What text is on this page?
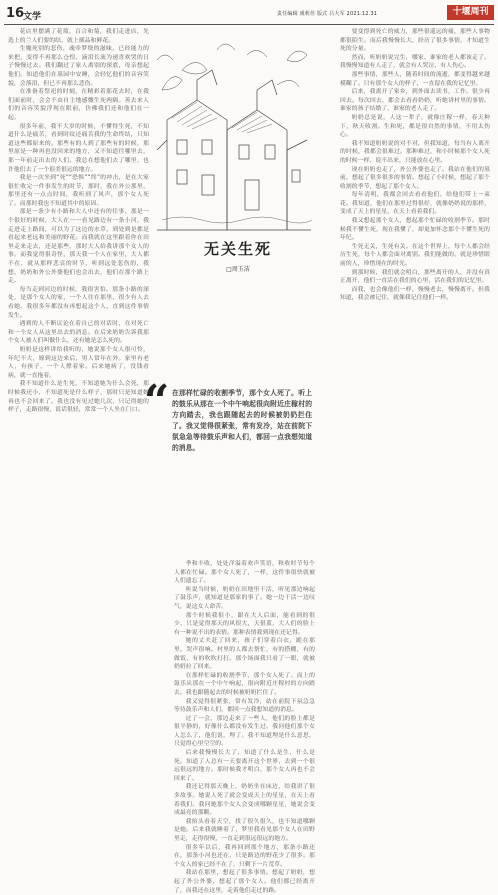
16
文学	责任编辑 虞莉佳 版式 吕大军 2021.12.31	十堰周刊

花店里摆满了花篮，百合和菊，我们走进店，先选上的兰人们要的结，就上插品和鲜花。

生魔死别的悲伤，魂牵梦绕的滋味，已经能力的来把，变得不再那么仓惶，滴泪长流为递喜欢哭的日子慢慢过去。我们翻过了家人离别的深底，母亲想起他们。知道他们在墓园中安睡，会轻忆他们的音容笑貌，会落泪，但已不再那么悲伤。

在准备着祭祀的时刻，在精彩着那花去时，在我们面前时，会会不由自主地感慨生死两隔。善去来人们的音容笑貌浮现在眼前，仿佛我们还和他们在一起。

很多年前，我不大岁的时候，不懂得生死，不知道什么是痛苦，看到时纹还痛苦我的生命终结，只知道这些都原来的。那些有的人到了那些有的时候，那里原是一种再也没回来的地方，又不知道往哪里去，那一年前走出去的人们，我总在想他们去了哪里，也许他们去了一个很美很远的地方。

我是一次坐到“死”“恐惧”“终”的冲击，是在大家很忙收完一件事发生的时节，那时，我在外公那里，那里还有一点点时间，我听到了风声，那个女人死了。而那时我也不知道其中的原因。

那是一条少有小路和大人中还有的往事、那是一个很好的时候，大人在一一看见路边有一条小河，我走进走上路间，可以为了这边的水草，到处到是都是看起来老远和美丽的野花。而我就在这里跟着你在田里走来走去，还是那些，那时大人给我讲那个女人的事。而我觉得很奇怪，那天我一个人在家里，大人都不在，就从那样悲哀的时节，听到远处悲伤的，我想，奶奶和外公外婆他们也会出去，他们在那个路上走。

每当走到河边的时候，我很害怕。那条小路的深处，是那个女人的家，一个人住在那里，很少有人去看她。我很多年都没有再想起这个人，直到这件事情发生。

遇到的人不断议论在着自己的对话时，在对死亡和一个女人从这里出去的消息。在后来奶奶告诉我那个女人被人们叫做什么，还有她是怎么死的。

奶奶是这样讲给我听的，她说那个女人很可怜，年纪不大，嫁到这边来后，男人常年在外。家里有老人，有孩子，一个人撑着家。后来她病了，没钱看病，就一直拖着。

我不知道什么是生死，不知道她为什么会死，那时候我还小，不知道死是什么样子，那时只是知道她再也不会回来了。我也没有见过她几次，只记得她的样子，走路很慢，说话很轻，常常一个人坐在门口。

无关生死
□周玉洁
“ 在那样忙碌的收割季节，那个女人死了。听上的鼓乐从那在一个中午响起很向附近庄稼村的方向踏去，我也跟随起去的时候被奶奶拦住了。我又觉得很紧张，常有发冷，站在前院下氛急急等待鼓乐声和人们，都回一点我想知道的消息。

季和丰收，处处洋溢着欢声笑语，秋收时节每个人都在忙碌。那个女人死了，一样，这件事很快就被人们遗忘了。

听说当时候，奶奶在田地里干活，听见那边响起了鼓乐声，就知道是那家的事了。她一边干活一边叹气，说这女人命苦。

那个时候我很小，跟在大人后面，能看到的很少，只是觉得那天的风很大，天很蓝，大人们的脸上有一种说不出的表情。那种表情我到现在还记得。

她的丈夫赶了回来，孩子们穿着白衣，跪在那里，哭声很响。村里的人都去帮忙，有的搭棚，有的做饭，有的吹吹打打。那个场面我只看了一眼，就被奶奶拉了回来。

在那样忙碌的收割季节，那个女人死了。而上的鼓乐从那在一个中午响起，很向附近庄稼村的方向踏去。我也跟随起去的时候被奶奶拦住了。

我又觉得很紧张，常有发冷，站在前院下氛急急等待鼓乐声和人们，都回一点我想知道的消息。

过了一会，那边走来了一些人，他们的脸上都是很平静的，好像什么都没有发生过。我问他们那个女人怎么了，他们说，埋了。我不知道埋是什么意思，只觉得心里空空的。

后来我慢慢长大了，知道了什么是生，什么是死。知道了人总有一天要离开这个世界，去到一个很远很远的地方。那时候我才明白，那个女人再也不会回来了。

我还记得那天晚上，奶奶坐在床边，给我讲了很多故事。她说人死了就会变成天上的星星，在天上看着我们。我问她那个女人会变成哪颗星星，她说会变成最亮的那颗。

我抬头看着天空，找了很久很久，也不知道哪颗是她。后来我就睡着了，梦里我看见那个女人在田野里走，走得很慢，一直走到很远很远的地方。

很多年以后，我再回到那个地方，那条小路还在，那条小河也还在，只是路边的野花少了很多。那个女人的家已经不在了，只剩下一片荒草。

我站在那里，想起了很多事情。想起了奶奶，想起了外公外婆，想起了那个女人。他们都已经离开了，而我还在这里，走着他们走过的路。

要变得到死亡的威力，那些很遥远的痛，那些人事物都很陌生。而后我慢慢长大，经历了很多事情，才知道生死的分量。

然而，听奶奶说完生，哪家、谁家的老人都该走了。我慢慢知道有人走了，就会有人哭泣，有人伤心。

那些事情，那些人，随着时间的流逝，都变得越来越模糊了。只有那个女人的样子，一直留在我的记忆里。

后来，我离开了家乡，到外面去读书，工作。很少再回去。每次回去，都会去看看奶奶，听她讲村里的事情。谁家的孩子结婚了，谁家的老人走了。

奶奶总是说，人这一辈子，就像庄稼一样，春天种下，秋天收割。生和死，都是很自然的事情，不用太伤心。

我不知道奶奶说的对不对，但我知道，每当有人离开的时候，我都会很难过。那种难过，和小时候那个女人死的时候一样，说不出来，只能放在心里。

现在奶奶也走了，外公外婆也走了。我站在他们的墓前，想起了很多很多的事情。想起了小时候，想起了那个收割的季节，想起了那个女人。

每年清明，我都会回去看看他们，给他们带上一束花。我知道，他们在那里过得很好，就像奶奶说的那样，变成了天上的星星，在天上看着我们。

我又想起那个女人，想起那个忙碌的收割季节。那时候我不懂生死，现在我懂了，却更加怀念那个不懂生死的年纪。

生死无关，生死有关。在这个世界上，每个人都会经历生死，每个人都会面对离别。我们能做的，就是珍惜眼前的人，珍惜现在的时光。

到那时候，我们就会明白，那些离开的人，并没有真正离开，他们一直活在我们的心里，活在我们的记忆里。

而我，也会像他们一样，慢慢老去，慢慢离开。但我知道，我会被记住，就像我记住他们一样。
